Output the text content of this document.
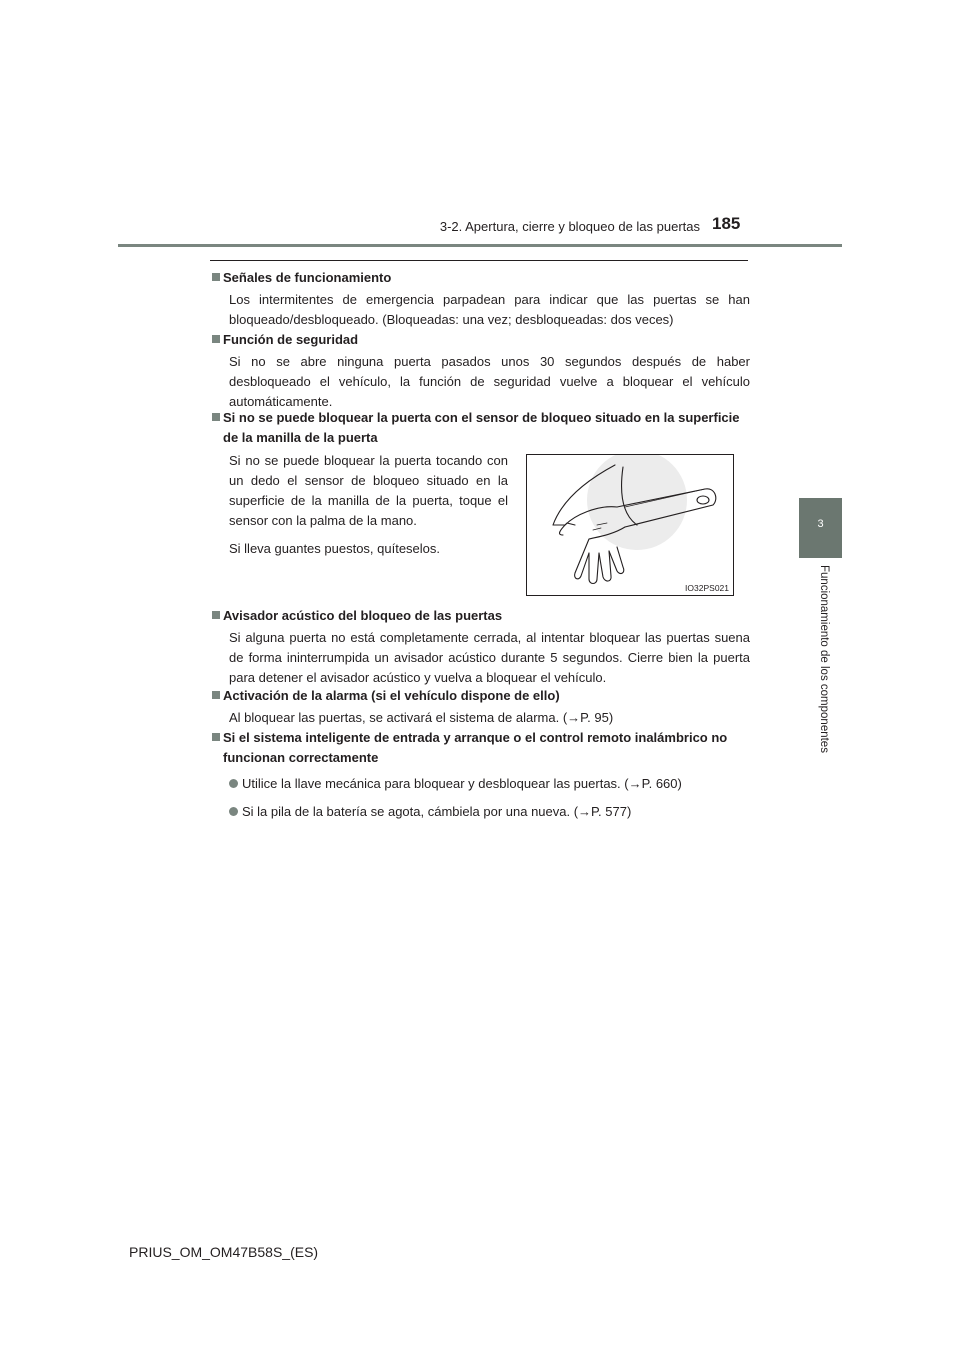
3-2. Apertura, cierre y bloqueo de las puertas 185
3
Funcionamiento de los componentes
Señales de funcionamiento
Los intermitentes de emergencia parpadean para indicar que las puertas se han bloqueado/desbloqueado. (Bloqueadas: una vez; desbloqueadas: dos veces)
Función de seguridad
Si no se abre ninguna puerta pasados unos 30 segundos después de haber desbloqueado el vehículo, la función de seguridad vuelve a bloquear el vehículo automáticamente.
Si no se puede bloquear la puerta con el sensor de bloqueo situado en la superficie de la manilla de la puerta

Si no se puede bloquear la puerta tocando con un dedo el sensor de bloqueo situado en la superficie de la manilla de la puerta, toque el sensor con la palma de la mano.

Si lleva guantes puestos, quíteselos.

IO32PS021
Avisador acústico del bloqueo de las puertas
Si alguna puerta no está completamente cerrada, al intentar bloquear las puertas suena de forma ininterrumpida un avisador acústico durante 5 segundos. Cierre bien la puerta para detener el avisador acústico y vuelva a bloquear el vehículo.
Activación de la alarma (si el vehículo dispone de ello)
Al bloquear las puertas, se activará el sistema de alarma. (→P. 95)
Si el sistema inteligente de entrada y arranque o el control remoto inalámbrico no funcionan correctamente
Utilice la llave mecánica para bloquear y desbloquear las puertas. (→P. 660)
Si la pila de la batería se agota, cámbiela por una nueva. (→P. 577)
PRIUS_OM_OM47B58S_(ES)
